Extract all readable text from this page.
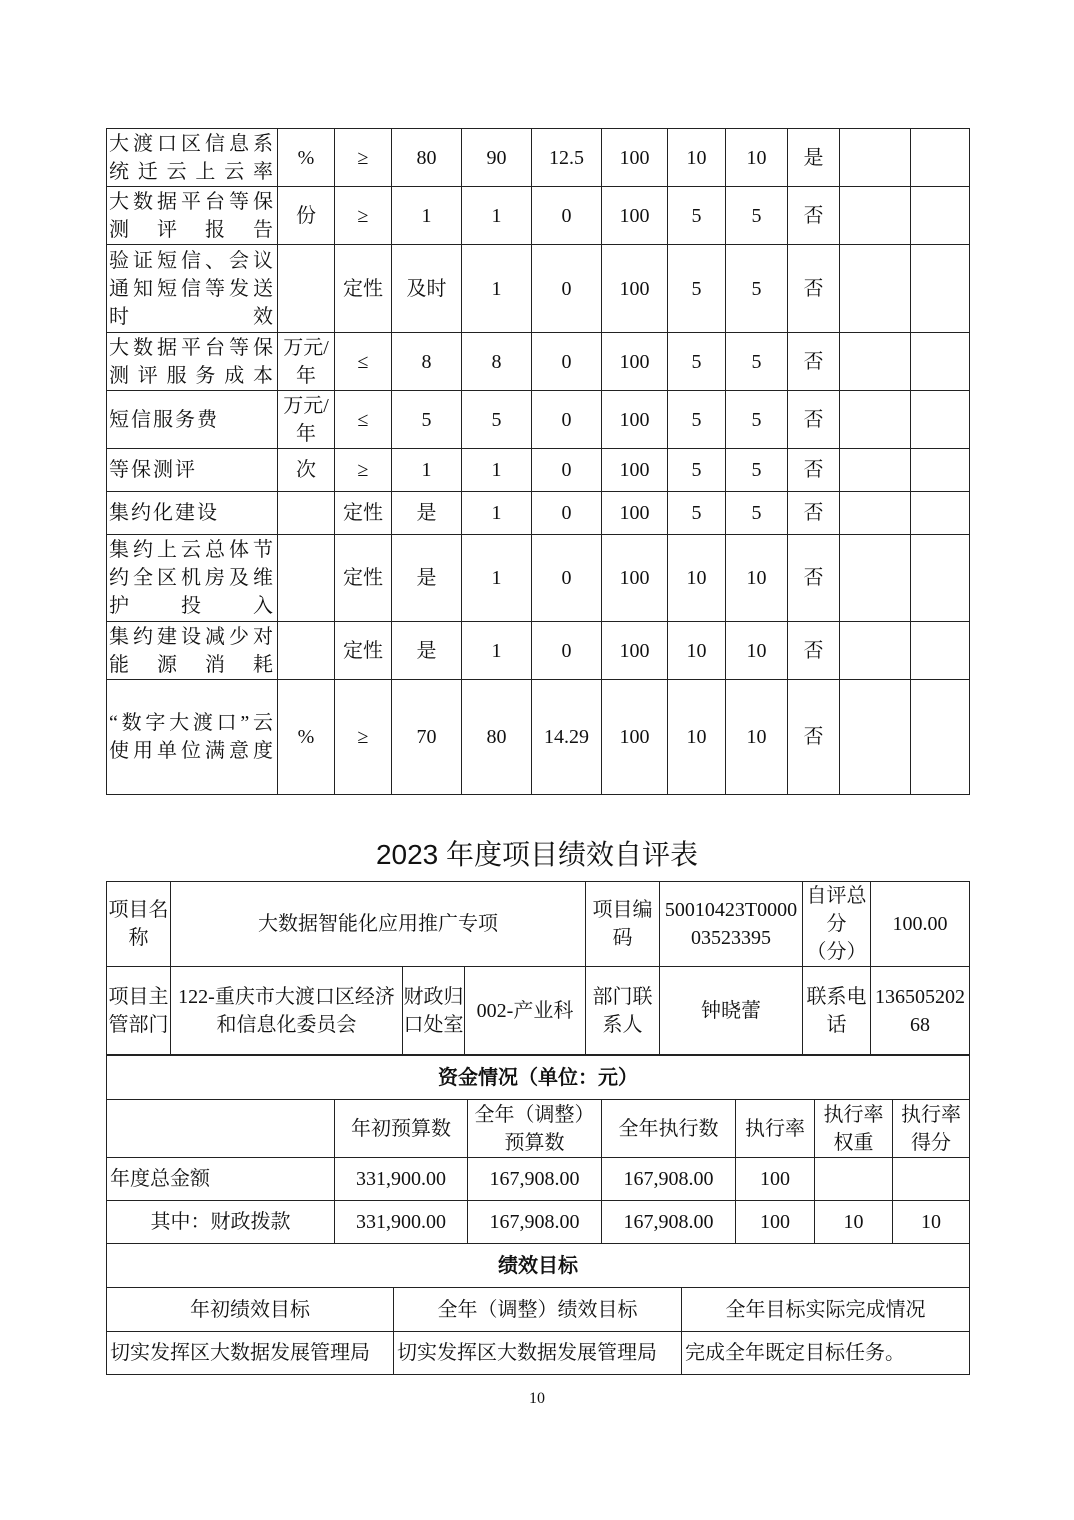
大渡口区信息系统迁云上云率	%	≥	80	90	12.5	100	10	10	是		
大数据平台等保测评报告	份	≥	1	1	0	100	5	5	否		
验证短信、会议通知短信等发送时效		定性	及时	1	0	100	5	5	否		
大数据平台等保测评服务成本	万元/年	≤	8	8	0	100	5	5	否		
短信服务费	万元/年	≤	5	5	0	100	5	5	否		
等保测评	次	≥	1	1	0	100	5	5	否		
集约化建设		定性	是	1	0	100	5	5	否		
集约上云总体节约全区机房及维护投入		定性	是	1	0	100	10	10	否		
集约建设减少对能源消耗		定性	是	1	0	100	10	10	否		
“数字大渡口”云使用单位满意度	%	≥	70	80	14.29	100	10	10	否		
2023 年度项目绩效自评表
项目名称	大数据智能化应用推广专项			项目编码	50010423T000003523395	自评总分（分）	100.00
项目主管部门	122-重庆市大渡口区经济和信息化委员会	财政归口处室	002-产业科	部门联系人	钟晓蕾	联系电话	13650520268
资金情况（单位：元）						
	年初预算数	全年（调整）预算数	全年执行数	执行率	执行率权重	执行率得分
年度总金额	331,900.00	167,908.00	167,908.00	100		
其中：财政拨款	331,900.00	167,908.00	167,908.00	100	10	10
绩效目标		
年初绩效目标	全年（调整）绩效目标	全年目标实际完成情况
切实发挥区大数据发展管理局	切实发挥区大数据发展管理局	完成全年既定目标任务。
10
